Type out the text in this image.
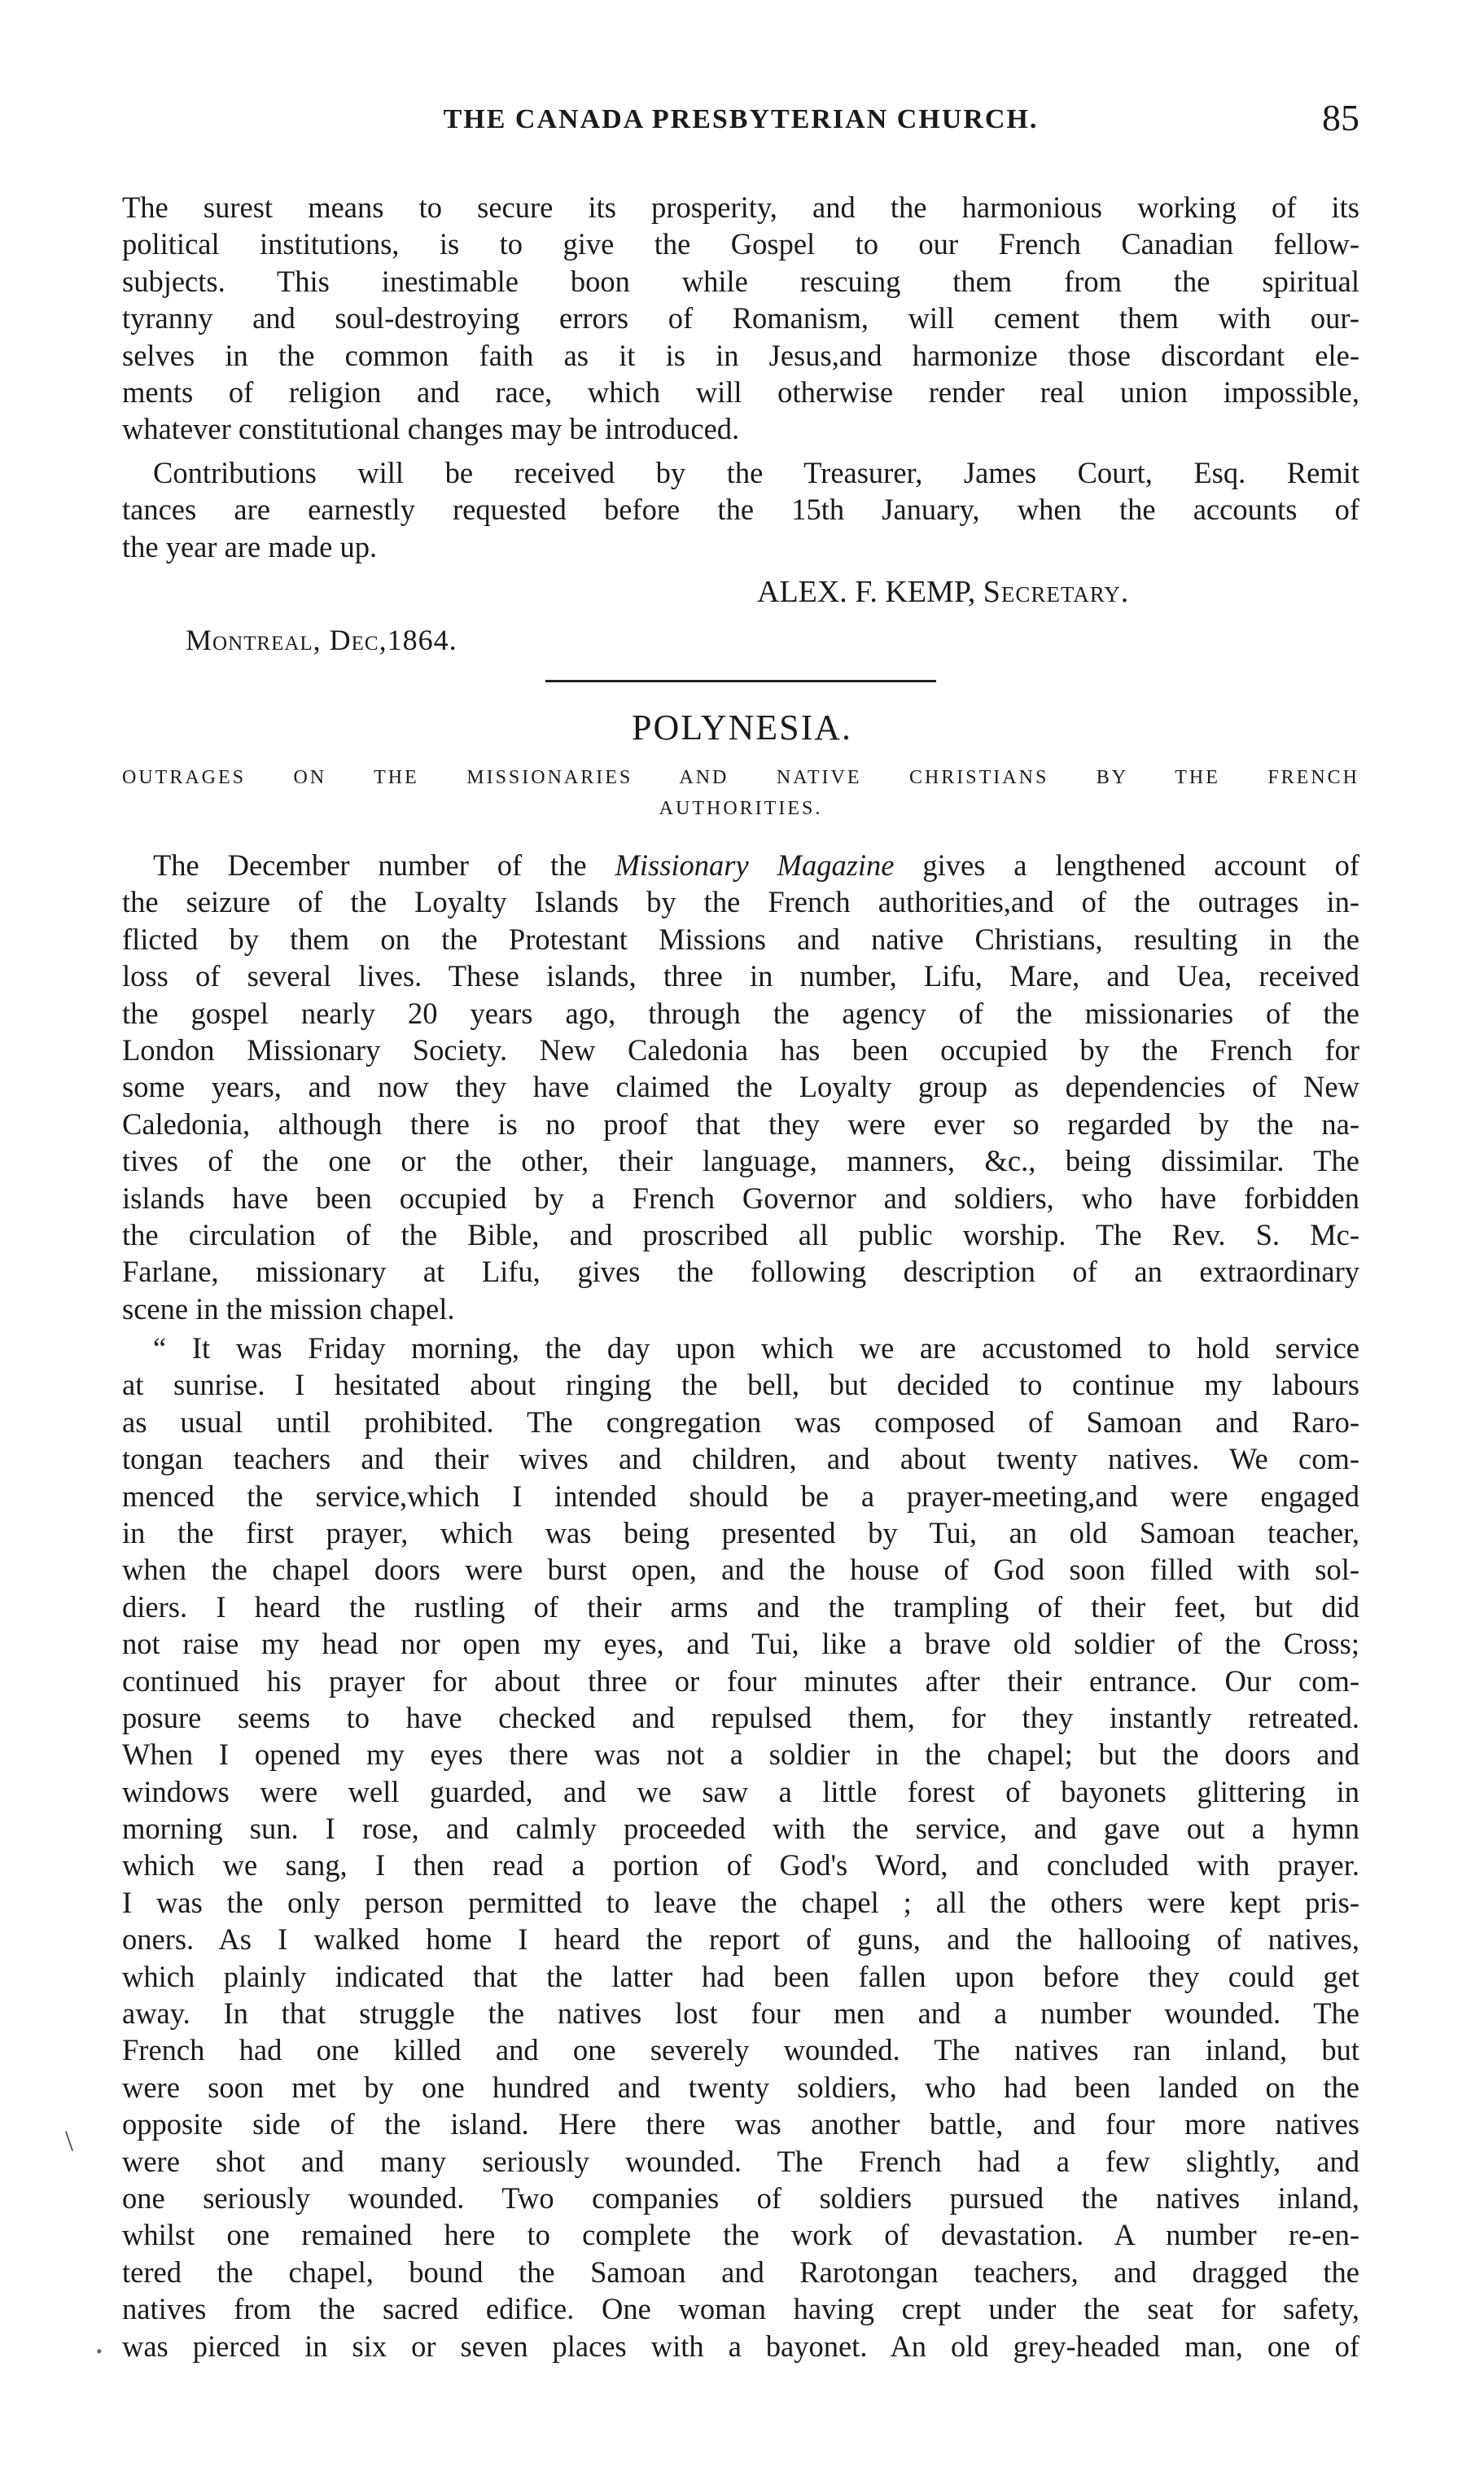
THE CANADA PRESBYTERIAN CHURCH.	85
The surest means to secure its prosperity, and the harmonious working of its
political institutions, is to give the Gospel to our French Canadian fellow-
subjects. This inestimable boon while rescuing them from the spiritual
tyranny and soul-destroying errors of Romanism, will cement them with our-
selves in the common faith as it is in Jesus,and harmonize those discordant ele-
ments of religion and race, which will otherwise render real union impossible,
whatever constitutional changes may be introduced.
Contributions will be received by the Treasurer, James Court, Esq. Remit
tances are earnestly requested before the 15th January, when the accounts of
the year are made up.
ALEX. F. KEMP, Secretary.
Montreal, Dec,1864.
POLYNESIA.
OUTRAGES ON THE MISSIONARIES AND NATIVE CHRISTIANS BY THE FRENCH
AUTHORITIES.
The December number of the Missionary Magazine gives a lengthened account of
the seizure of the Loyalty Islands by the French authorities,and of the outrages in-
flicted by them on the Protestant Missions and native Christians, resulting in the
loss of several lives. These islands, three in number, Lifu, Mare, and Uea, received
the gospel nearly 20 years ago, through the agency of the missionaries of the
London Missionary Society. New Caledonia has been occupied by the French for
some years, and now they have claimed the Loyalty group as dependencies of New
Caledonia, although there is no proof that they were ever so regarded by the na-
tives of the one or the other, their language, manners, &c., being dissimilar. The
islands have been occupied by a French Governor and soldiers, who have forbidden
the circulation of the Bible, and proscribed all public worship. The Rev. S. Mc-
Farlane, missionary at Lifu, gives the following description of an extraordinary
scene in the mission chapel.
“ It was Friday morning, the day upon which we are accustomed to hold service
at sunrise. I hesitated about ringing the bell, but decided to continue my labours
as usual until prohibited. The congregation was composed of Samoan and Raro-
tongan teachers and their wives and children, and about twenty natives. We com-
menced the service,which I intended should be a prayer-meeting,and were engaged
in the first prayer, which was being presented by Tui, an old Samoan teacher,
when the chapel doors were burst open, and the house of God soon filled with sol-
diers. I heard the rustling of their arms and the trampling of their feet, but did
not raise my head nor open my eyes, and Tui, like a brave old soldier of the Cross;
continued his prayer for about three or four minutes after their entrance. Our com-
posure seems to have checked and repulsed them, for they instantly retreated.
When I opened my eyes there was not a soldier in the chapel; but the doors and
windows were well guarded, and we saw a little forest of bayonets glittering in
morning sun. I rose, and calmly proceeded with the service, and gave out a hymn
which we sang, I then read a portion of God's Word, and concluded with prayer.
I was the only person permitted to leave the chapel ; all the others were kept pris-
oners. As I walked home I heard the report of guns, and the hallooing of natives,
which plainly indicated that the latter had been fallen upon before they could get
away. In that struggle the natives lost four men and a number wounded. The
French had one killed and one severely wounded. The natives ran inland, but
were soon met by one hundred and twenty soldiers, who had been landed on the
opposite side of the island. Here there was another battle, and four more natives
were shot and many seriously wounded. The French had a few slightly, and
one seriously wounded. Two companies of soldiers pursued the natives inland,
whilst one remained here to complete the work of devastation. A number re-en-
tered the chapel, bound the Samoan and Rarotongan teachers, and dragged the
natives from the sacred edifice. One woman having crept under the seat for safety,
was pierced in six or seven places with a bayonet. An old grey-headed man, one of
\
•
